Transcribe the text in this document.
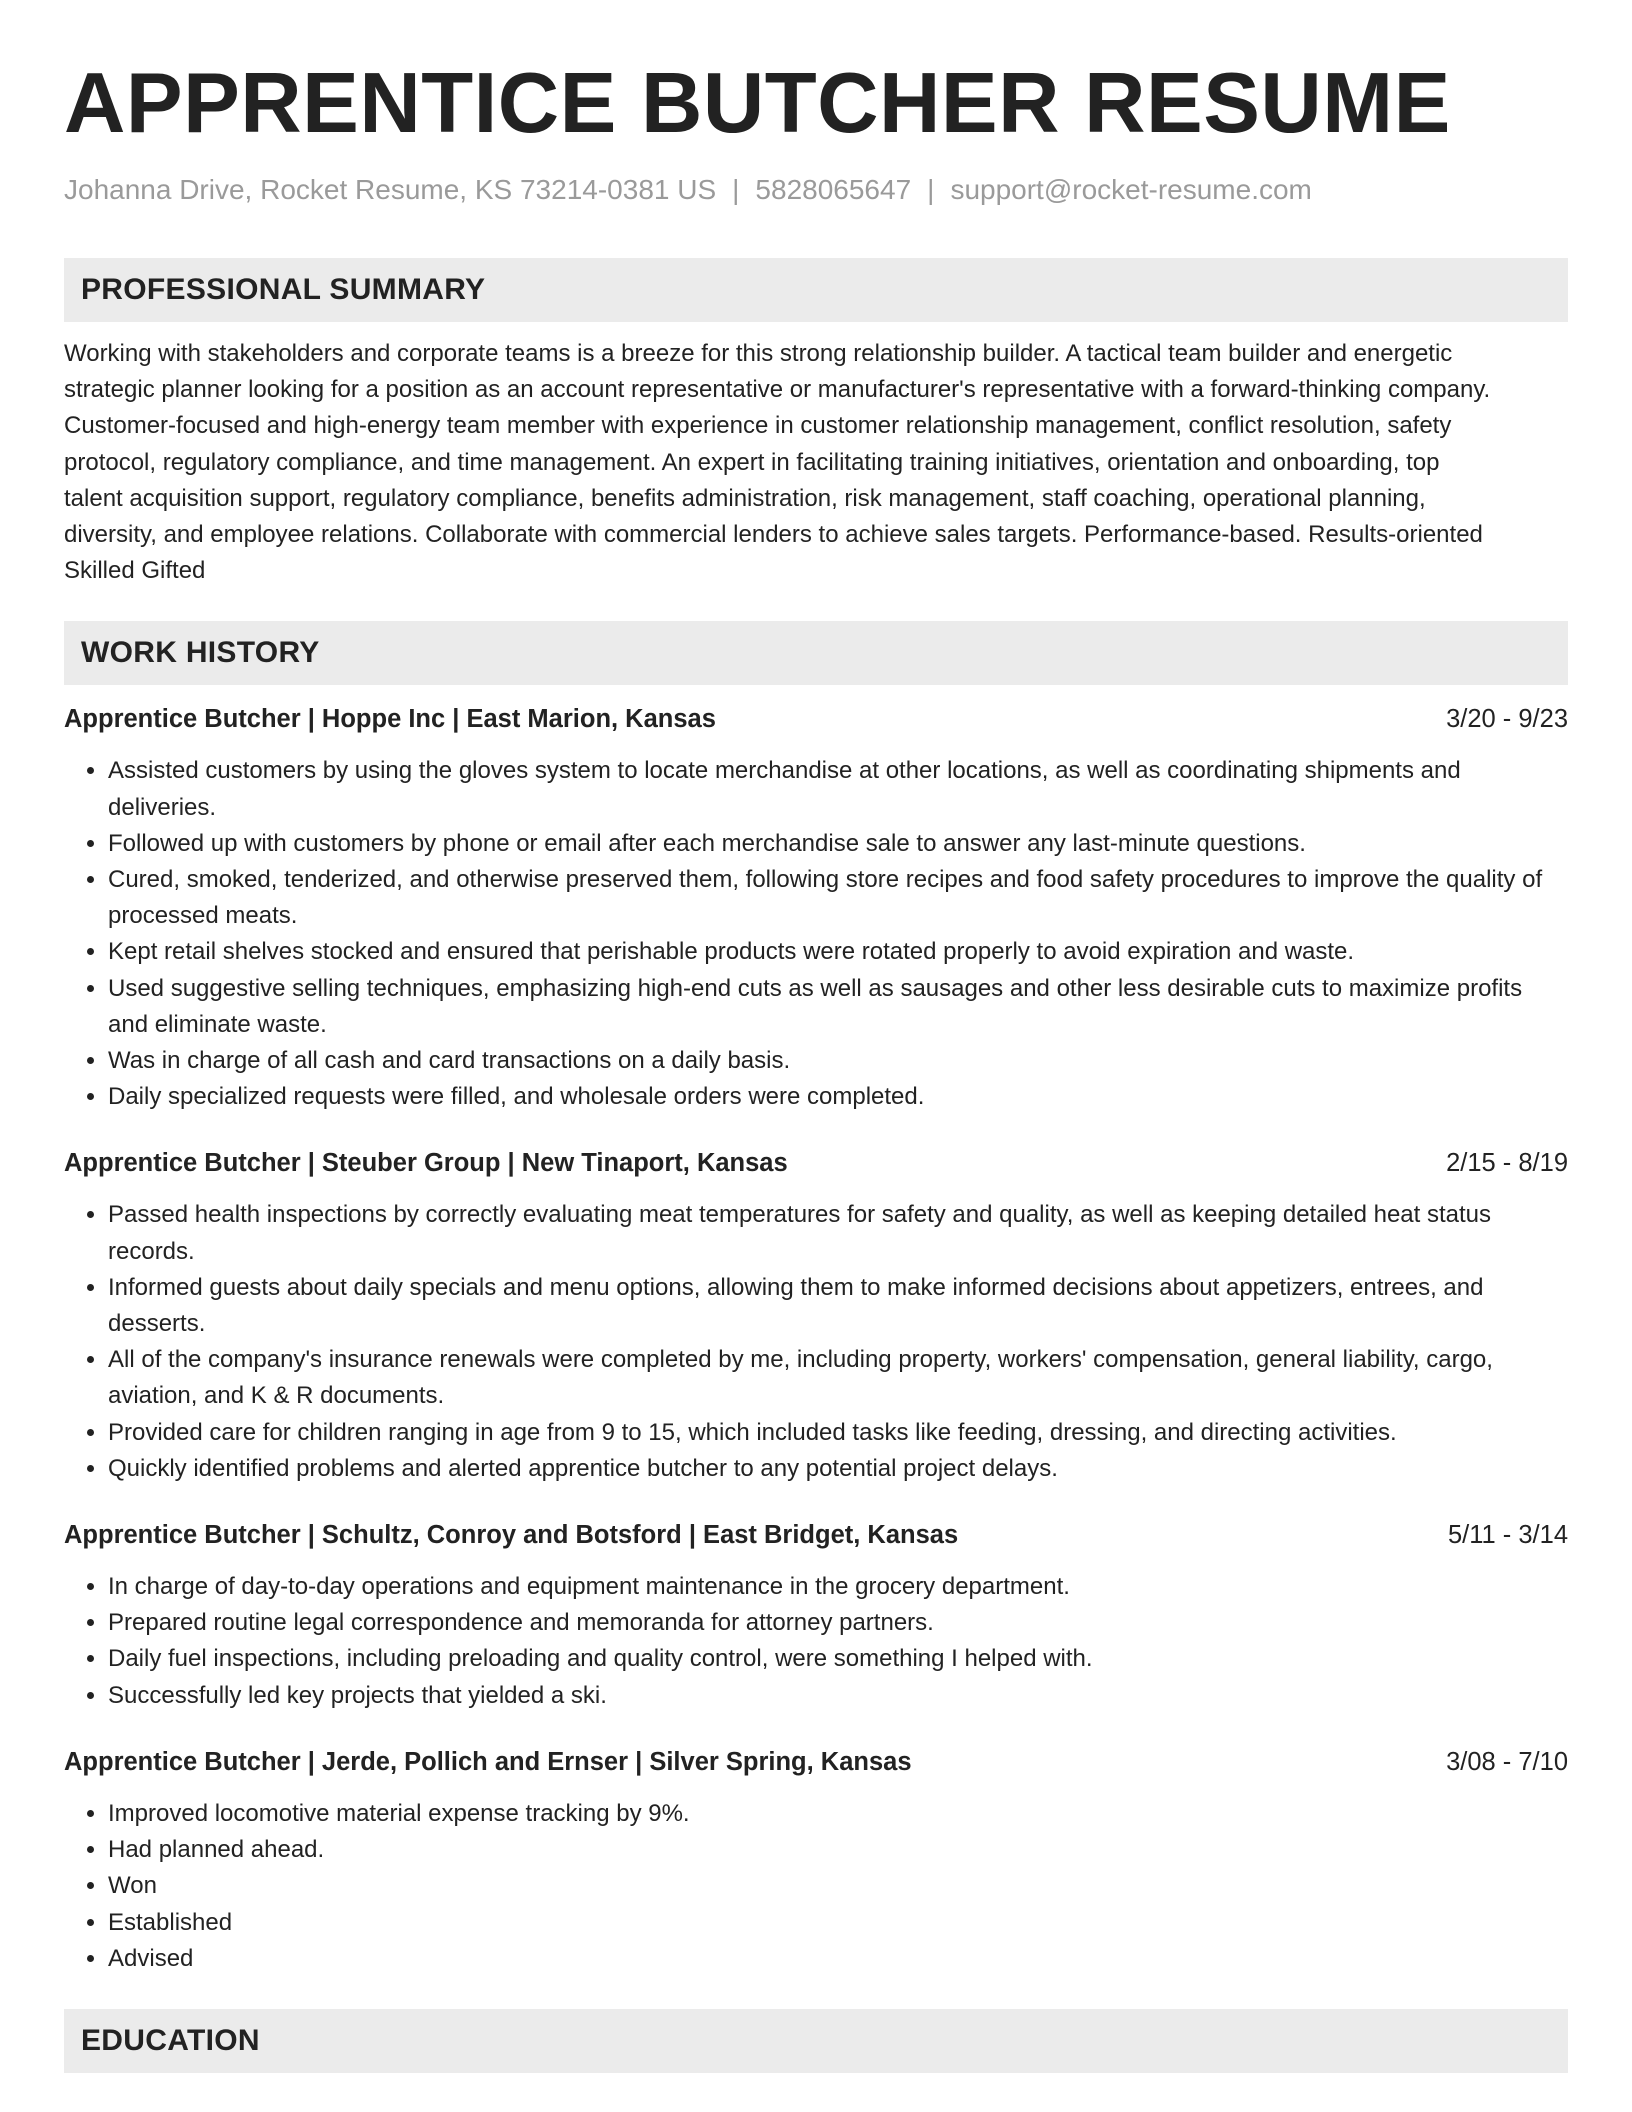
APPRENTICE BUTCHER RESUME
Johanna Drive, Rocket Resume, KS 73214-0381 US | 5828065647 | support@rocket-resume.com
PROFESSIONAL SUMMARY
Working with stakeholders and corporate teams is a breeze for this strong relationship builder. A tactical team builder and energetic
strategic planner looking for a position as an account representative or manufacturer's representative with a forward-thinking company.
Customer-focused and high-energy team member with experience in customer relationship management, conflict resolution, safety
protocol, regulatory compliance, and time management. An expert in facilitating training initiatives, orientation and onboarding, top
talent acquisition support, regulatory compliance, benefits administration, risk management, staff coaching, operational planning,
diversity, and employee relations. Collaborate with commercial lenders to achieve sales targets. Performance-based. Results-oriented
Skilled Gifted
WORK HISTORY
Apprentice Butcher | Hoppe Inc | East Marion, Kansas	3/20 - 9/23
• Assisted customers by using the gloves system to locate merchandise at other locations, as well as coordinating shipments and deliveries.
• Followed up with customers by phone or email after each merchandise sale to answer any last-minute questions.
• Cured, smoked, tenderized, and otherwise preserved them, following store recipes and food safety procedures to improve the quality of processed meats.
• Kept retail shelves stocked and ensured that perishable products were rotated properly to avoid expiration and waste.
• Used suggestive selling techniques, emphasizing high-end cuts as well as sausages and other less desirable cuts to maximize profits and eliminate waste.
• Was in charge of all cash and card transactions on a daily basis.
• Daily specialized requests were filled, and wholesale orders were completed.
Apprentice Butcher | Steuber Group | New Tinaport, Kansas	2/15 - 8/19
• Passed health inspections by correctly evaluating meat temperatures for safety and quality, as well as keeping detailed heat status records.
• Informed guests about daily specials and menu options, allowing them to make informed decisions about appetizers, entrees, and desserts.
• All of the company's insurance renewals were completed by me, including property, workers' compensation, general liability, cargo, aviation, and K & R documents.
• Provided care for children ranging in age from 9 to 15, which included tasks like feeding, dressing, and directing activities.
• Quickly identified problems and alerted apprentice butcher to any potential project delays.
Apprentice Butcher | Schultz, Conroy and Botsford | East Bridget, Kansas	5/11 - 3/14
• In charge of day-to-day operations and equipment maintenance in the grocery department.
• Prepared routine legal correspondence and memoranda for attorney partners.
• Daily fuel inspections, including preloading and quality control, were something I helped with.
• Successfully led key projects that yielded a ski.
Apprentice Butcher | Jerde, Pollich and Ernser | Silver Spring, Kansas	3/08 - 7/10
• Improved locomotive material expense tracking by 9%.
• Had planned ahead.
• Won
• Established
• Advised
EDUCATION
